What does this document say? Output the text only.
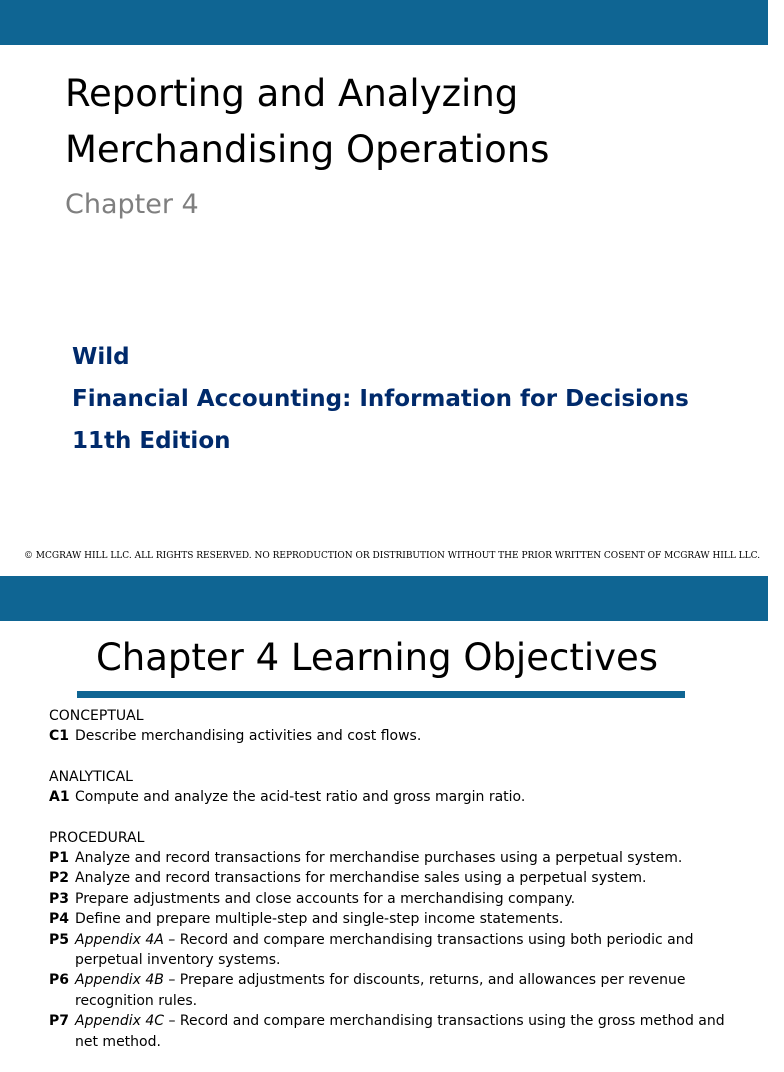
Reporting and Analyzing
Merchandising Operations
Chapter 4
Wild
Financial Accounting: Information for Decisions
11th Edition
© MCGRAW HILL LLC. ALL RIGHTS RESERVED. NO REPRODUCTION OR DISTRIBUTION WITHOUT THE PRIOR WRITTEN COSENT OF MCGRAW HILL LLC.
Chapter 4 Learning Objectives
CONCEPTUAL
C1 Describe merchandising activities and cost flows.
ANALYTICAL
A1 Compute and analyze the acid-test ratio and gross margin ratio.
PROCEDURAL
P1 Analyze and record transactions for merchandise purchases using a perpetual system.
P2 Analyze and record transactions for merchandise sales using a perpetual system.
P3 Prepare adjustments and close accounts for a merchandising company.
P4 Define and prepare multiple-step and single-step income statements.
P5 Appendix 4A – Record and compare merchandising transactions using both periodic and perpetual inventory systems.
P6 Appendix 4B – Prepare adjustments for discounts, returns, and allowances per revenue recognition rules.
P7 Appendix 4C – Record and compare merchandising transactions using the gross method and net method.
